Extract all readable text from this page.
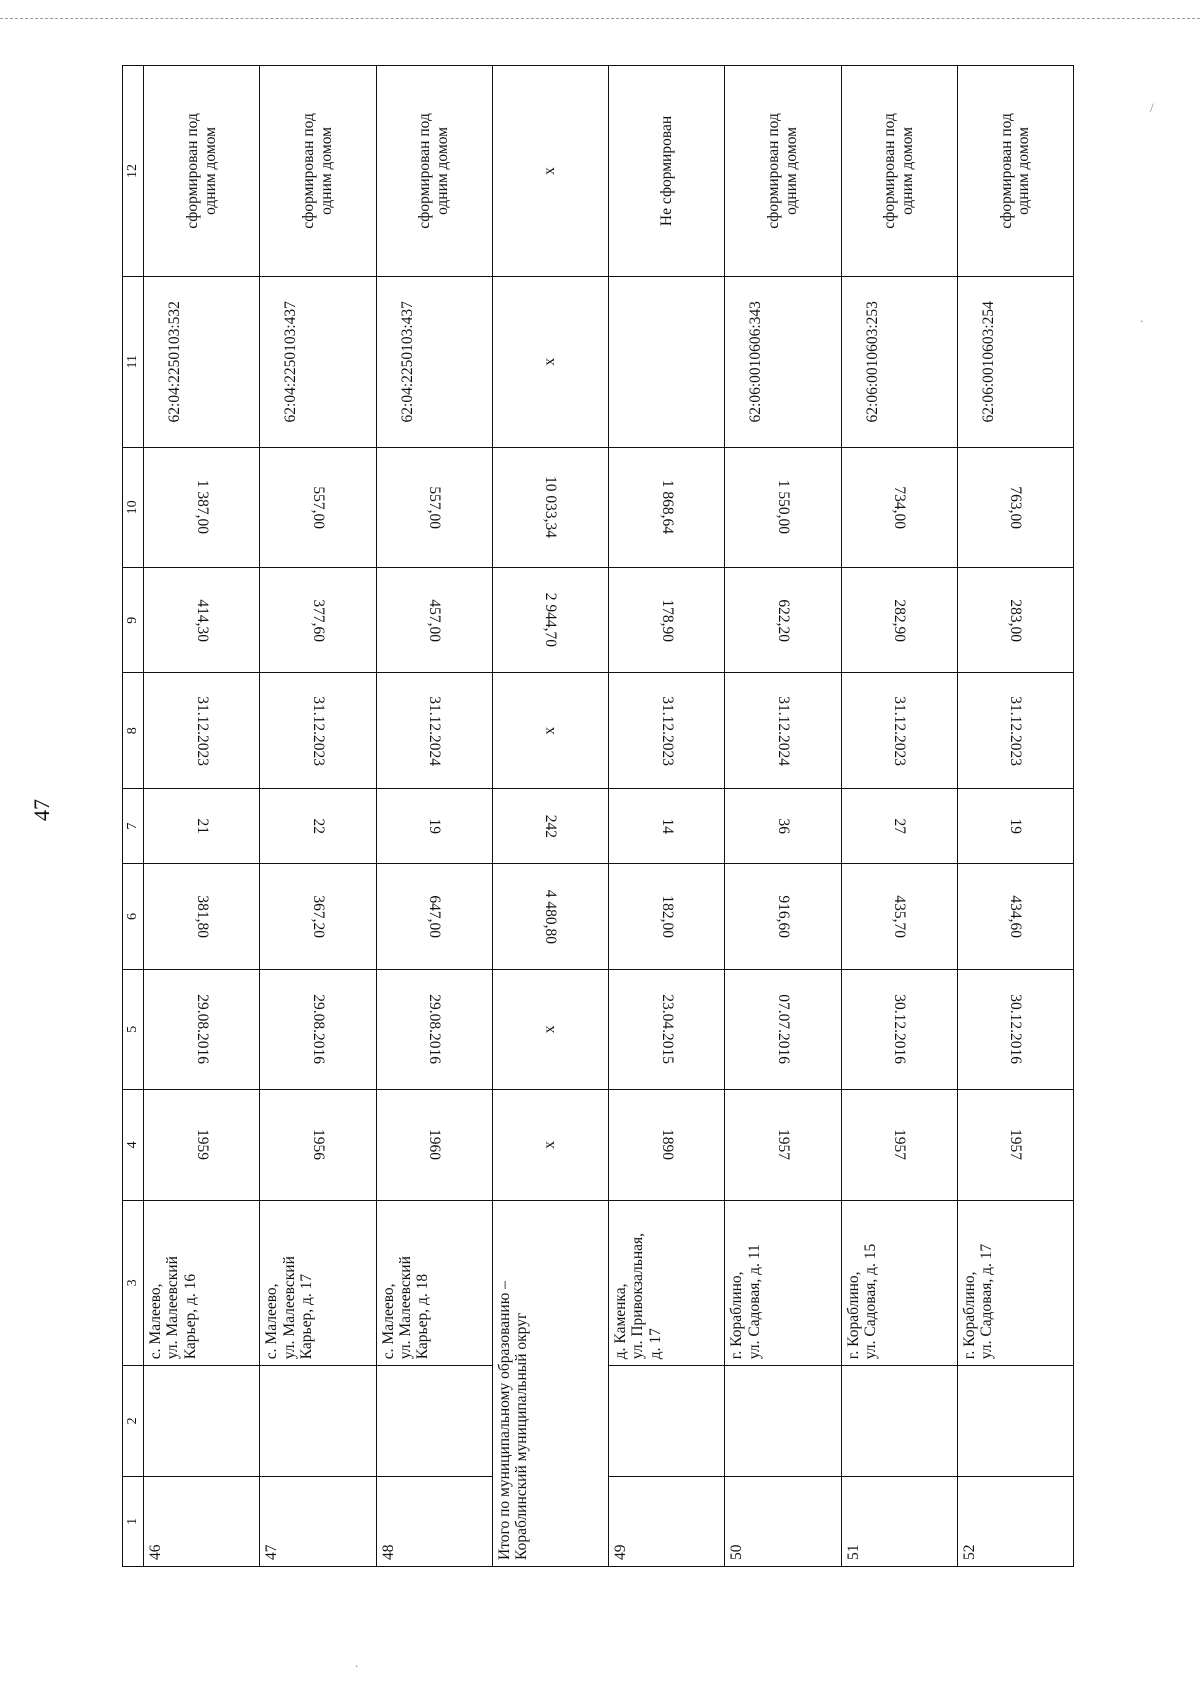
/
.
.
47
1	2	3	4	5	6	7	8	9	10	11	12
46		с. Малеево, ул. Малеевский Карьер, д. 16	1959	29.08.2016	381,80	21	31.12.2023	414,30	1 387,00	62:04:2250103:532	сформирован под одним домом

47		с. Малеево, ул. Малеевский Карьер, д. 17	1956	29.08.2016	367,20	22	31.12.2023	377,60	557,00	62:04:2250103:437	сформирован под одним домом

48		с. Малеево, ул. Малеевский Карьер, д. 18	1960	29.08.2016	647,00	19	31.12.2024	457,00	557,00	62:04:2250103:437	сформирован под одним домом

Итого по муниципальному образованию – Кораблинский муниципальный округ			х	х	4 480,80	242	х	2 944,70	10 033,34	х	х

49		д. Каменка, ул. Привокзальная, д. 17	1890	23.04.2015	182,00	14	31.12.2023	178,90	1 868,64		Не сформирован

50		г. Кораблино, ул. Садовая, д. 11	1957	07.07.2016	916,60	36	31.12.2024	622,20	1 550,00	62:06:0010606:343	сформирован под одним домом

51		г. Кораблино, ул. Садовая, д. 15	1957	30.12.2016	435,70	27	31.12.2023	282,90	734,00	62:06:0010603:253	сформирован под одним домом

52		г. Кораблино, ул. Садовая, д. 17	1957	30.12.2016	434,60	19	31.12.2023	283,00	763,00	62:06:0010603:254	сформирован под одним домом
